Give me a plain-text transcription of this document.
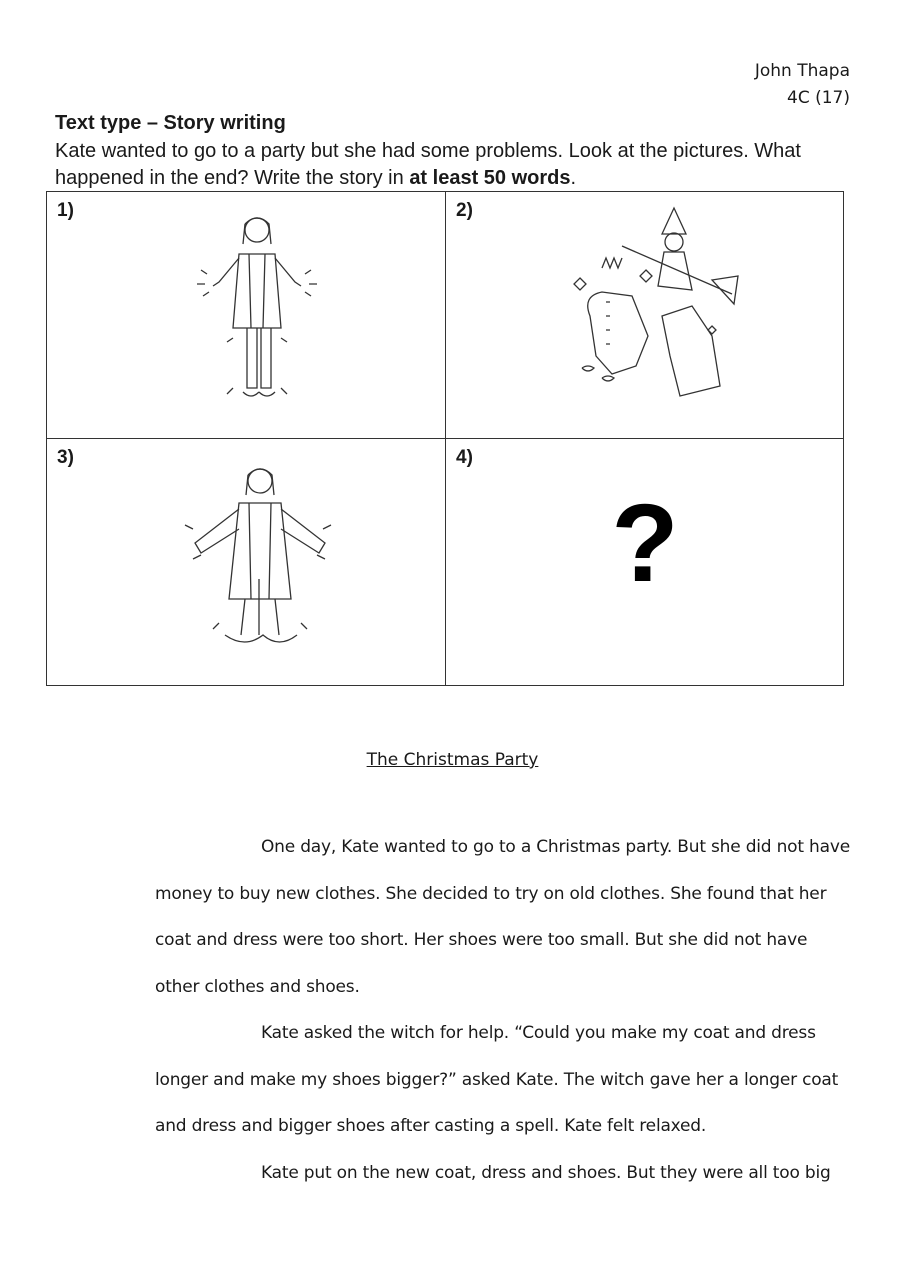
John Thapa
4C (17)
Text type – Story writing
Kate wanted to go to a party but she had some problems. Look at the pictures. What happened in the end? Write the story in at least 50 words.
1)	2)
3)	4)
?
The Christmas Party

One day, Kate wanted to go to a Christmas party. But she did not have money to buy new clothes. She decided to try on old clothes. She found that her coat and dress were too short. Her shoes were too small. But she did not have other clothes and shoes.

Kate asked the witch for help. “Could you make my coat and dress longer and make my shoes bigger?” asked Kate. The witch gave her a longer coat and dress and bigger shoes after casting a spell. Kate felt relaxed.

Kate put on the new coat, dress and shoes. But they were all too big
